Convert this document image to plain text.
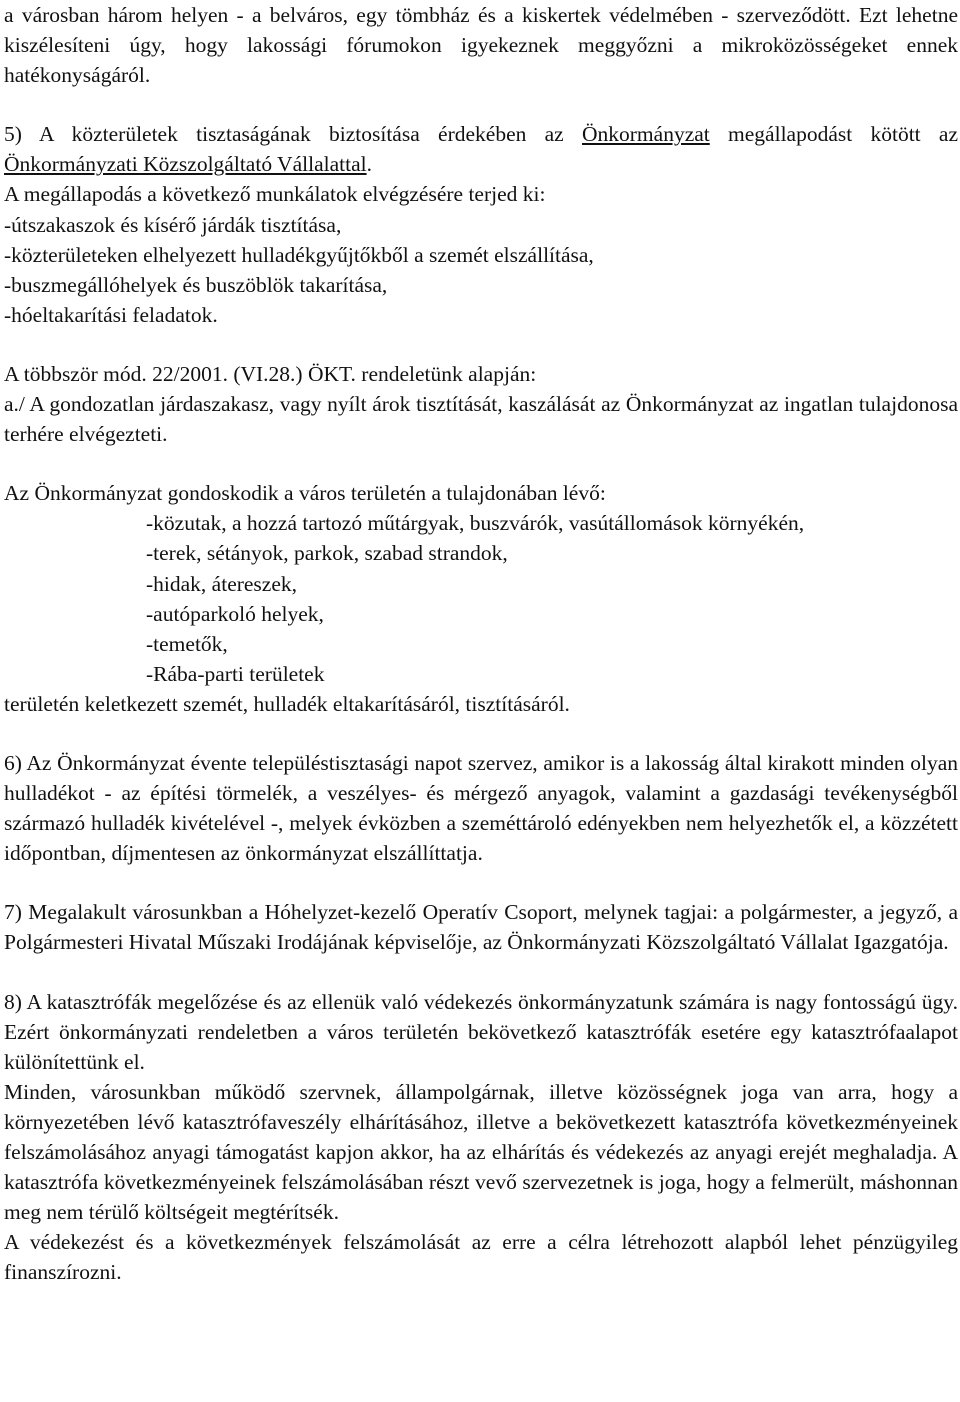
a városban három helyen - a belváros, egy tömbház és a kiskertek védelmében - szerveződött. Ezt lehetne kiszélesíteni úgy, hogy lakossági fórumokon igyekeznek meggyőzni a mikroközösségeket ennek hatékonyságáról.

5) A közterületek tisztaságának biztosítása érdekében az Önkormányzat megállapodást kötött az Önkormányzati Közszolgáltató Vállalattal.

A megállapodás a következő munkálatok elvégzésére terjed ki:

-útszakaszok és kísérő járdák tisztítása,

-közterületeken elhelyezett hulladékgyűjtőkből a szemét elszállítása,

-buszmegállóhelyek és buszöblök takarítása,

-hóeltakarítási feladatok.

A többször mód. 22/2001. (VI.28.) ÖKT. rendeletünk alapján:

a./ A gondozatlan járdaszakasz, vagy nyílt árok tisztítását, kaszálását az Önkormányzat az ingatlan tulajdonosa terhére elvégezteti.

Az Önkormányzat gondoskodik a város területén a tulajdonában lévő:

-közutak, a hozzá tartozó műtárgyak, buszvárók, vasútállomások környékén,

-terek, sétányok, parkok, szabad strandok,

-hidak, átereszek,

-autóparkoló helyek,

-temetők,

-Rába-parti területek

területén keletkezett szemét, hulladék eltakarításáról, tisztításáról.

6) Az Önkormányzat évente településtisztasági napot szervez, amikor is a lakosság által kirakott minden olyan hulladékot - az építési törmelék, a veszélyes- és mérgező anyagok, valamint a gazdasági tevékenységből származó hulladék kivételével -, melyek évközben a szeméttároló edényekben nem helyezhetők el, a közzétett időpontban, díjmentesen az önkormányzat elszállíttatja.

7) Megalakult városunkban a Hóhelyzet-kezelő Operatív Csoport, melynek tagjai: a polgármester, a jegyző, a Polgármesteri Hivatal Műszaki Irodájának képviselője, az Önkormányzati Közszolgáltató Vállalat Igazgatója.

8) A katasztrófák megelőzése és az ellenük való védekezés önkormányzatunk számára is nagy fontosságú ügy. Ezért önkormányzati rendeletben a város területén bekövetkező katasztrófák esetére egy katasztrófaalapot különítettünk el.

Minden, városunkban működő szervnek, állampolgárnak, illetve közösségnek joga van arra, hogy a környezetében lévő katasztrófaveszély elhárításához, illetve a bekövetkezett katasztrófa következményeinek felszámolásához anyagi támogatást kapjon akkor, ha az elhárítás és védekezés az anyagi erejét meghaladja. A katasztrófa következményeinek felszámolásában részt vevő szervezetnek is joga, hogy a felmerült, máshonnan meg nem térülő költségeit megtérítsék.

A védekezést és a következmények felszámolását az erre a célra létrehozott alapból lehet pénzügyileg finanszírozni.
